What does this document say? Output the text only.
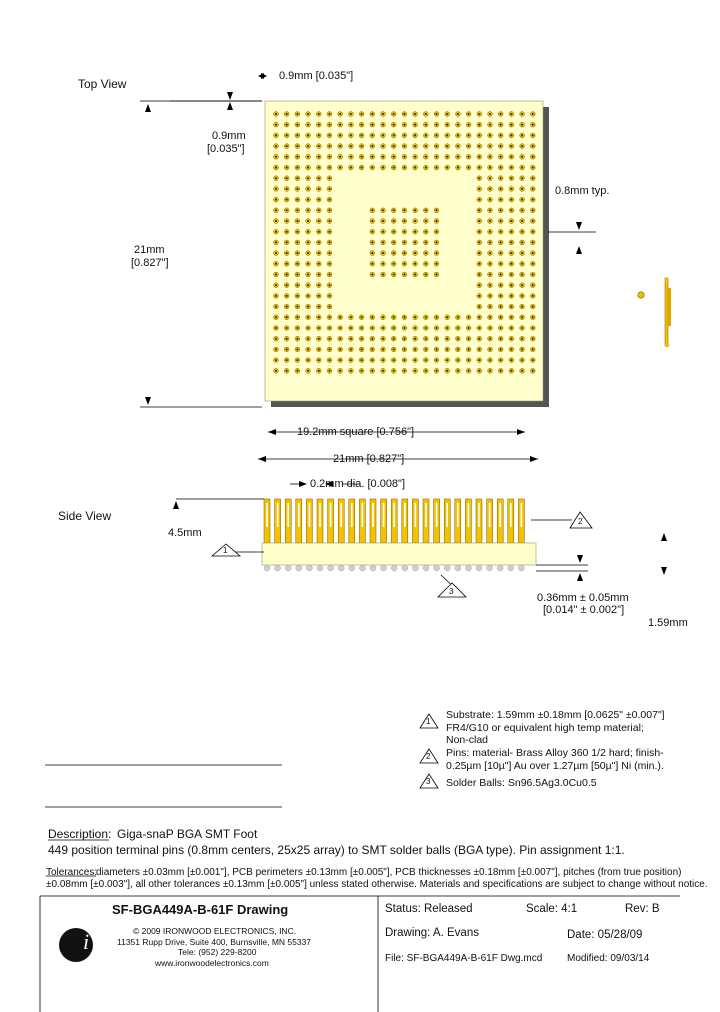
Top View
0.9mm [0.035"]
0.9mm
[0.035"]
0.8mm typ.
21mm
[0.827"]
19.2mm square [0.756"]
21mm [0.827"]
Side View
0.2mm dia. [0.008"]
4.5mm
0.36mm ± 0.05mm
[0.014" ± 0.002"]
1.59mm
1
2
3
1
Substrate: 1.59mm ±0.18mm [0.0625" ±0.007"]
FR4/G10 or equivalent high temp material;
Non-clad
2 Pins: material- Brass Alloy 360 1/2 hard; finish-
0.25µm [10µ"] Au over 1.27µm [50µ"] Ni (min.).
3 Solder Balls: Sn96.5Ag3.0Cu0.5
Description: Giga-snaP BGA SMT Foot
449 position terminal pins (0.8mm centers, 25x25 array) to SMT solder balls (BGA type). Pin assignment 1:1.
Tolerances:
diameters ±0.03mm [±0.001"], PCB perimeters ±0.13mm [±0.005"], PCB thicknesses ±0.18mm [±0.007"], pitches (from true position)
±0.08mm [±0.003"], all other tolerances ±0.13mm [±0.005"] unless stated otherwise. Materials and specifications are subject to change without notice.
SF-BGA449A-B-61F Drawing
i	© 2009 IRONWOOD ELECTRONICS, INC.
11351 Rupp Drive, Suite 400, Burnsville, MN 55337
Tele: (952) 229-8200
www.ironwoodelectronics.com
Status: Released	Scale: 4:1	Rev: B
Drawing: A. Evans	Date: 05/28/09
File: SF-BGA449A-B-61F Dwg.mcd Modified: 09/03/14
